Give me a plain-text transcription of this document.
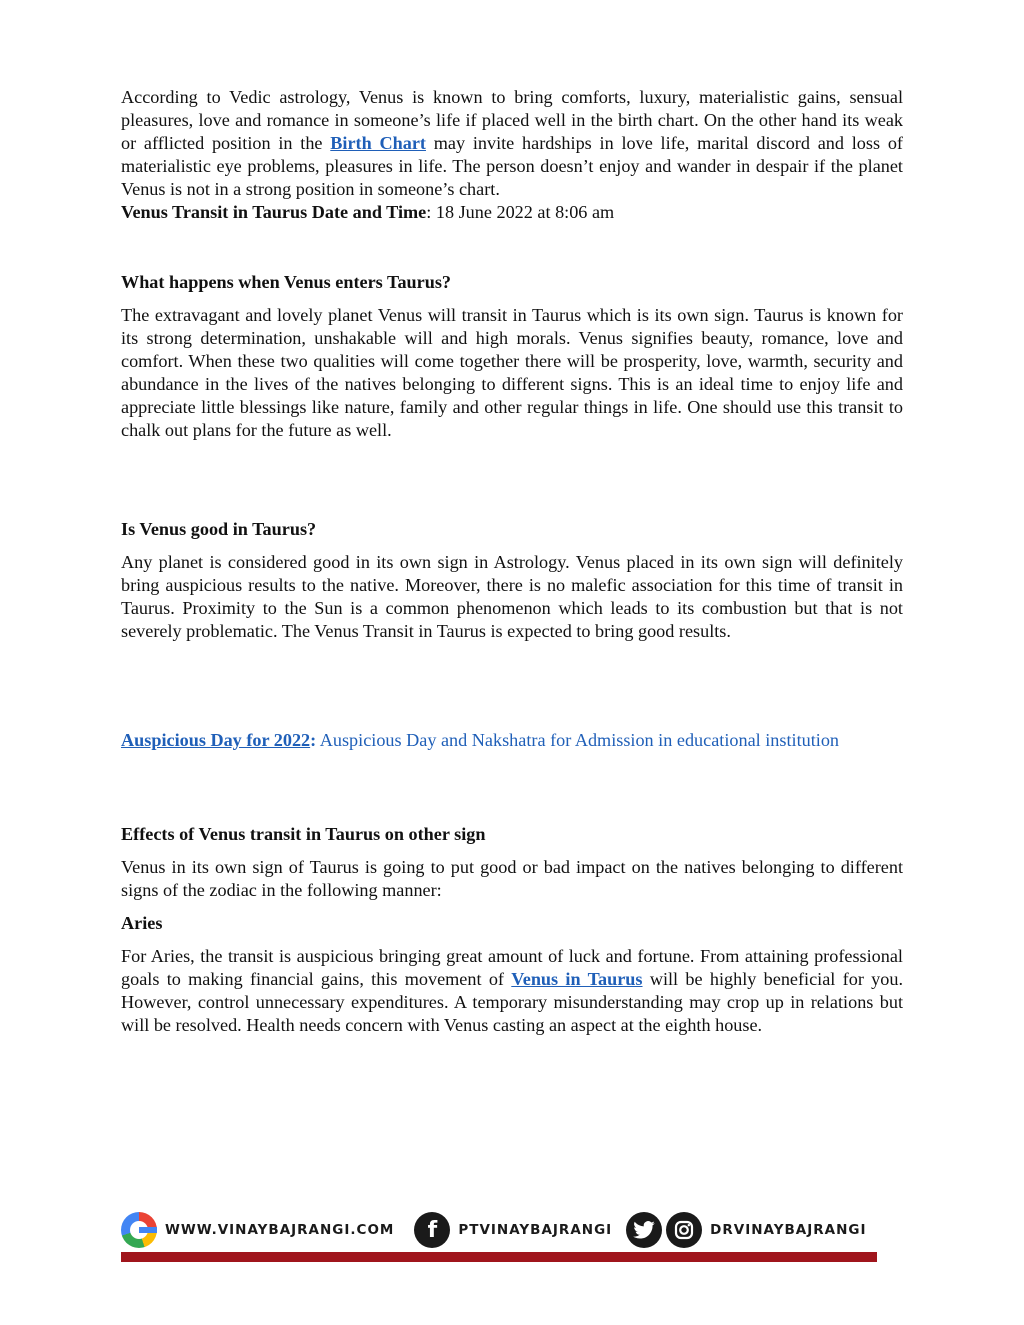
According to Vedic astrology, Venus is known to bring comforts, luxury, materialistic gains, sensual pleasures, love and romance in someone’s life if placed well in the birth chart. On the other hand its weak or afflicted position in the Birth Chart may invite hardships in love life, marital discord and loss of materialistic eye problems, pleasures in life. The person doesn’t enjoy and wander in despair if the planet Venus is not in a strong position in someone’s chart.

Venus Transit in Taurus Date and Time: 18 June 2022 at 8:06 am

What happens when Venus enters Taurus?

The extravagant and lovely planet Venus will transit in Taurus which is its own sign. Taurus is known for its strong determination, unshakable will and high morals. Venus signifies beauty, romance, love and comfort. When these two qualities will come together there will be prosperity, love, warmth, security and abundance in the lives of the natives belonging to different signs. This is an ideal time to enjoy life and appreciate little blessings like nature, family and other regular things in life. One should use this transit to chalk out plans for the future as well.

Is Venus good in Taurus?

Any planet is considered good in its own sign in Astrology. Venus placed in its own sign will definitely bring auspicious results to the native. Moreover, there is no malefic association for this time of transit in Taurus. Proximity to the Sun is a common phenomenon which leads to its combustion but that is not severely problematic. The Venus Transit in Taurus is expected to bring good results.

Auspicious Day for 2022: Auspicious Day and Nakshatra for Admission in educational institution

Effects of Venus transit in Taurus on other sign

Venus in its own sign of Taurus is going to put good or bad impact on the natives belonging to different signs of the zodiac in the following manner:

Aries

For Aries, the transit is auspicious bringing great amount of luck and fortune. From attaining professional goals to making financial gains, this movement of Venus in Taurus will be highly beneficial for you. However, control unnecessary expenditures. A temporary misunderstanding may crop up in relations but will be resolved. Health needs concern with Venus casting an aspect at the eighth house.

WWW.VINAYBAJRANGI.COM	f	PTVINAYBAJRANGI	DRVINAYBAJRANGI
